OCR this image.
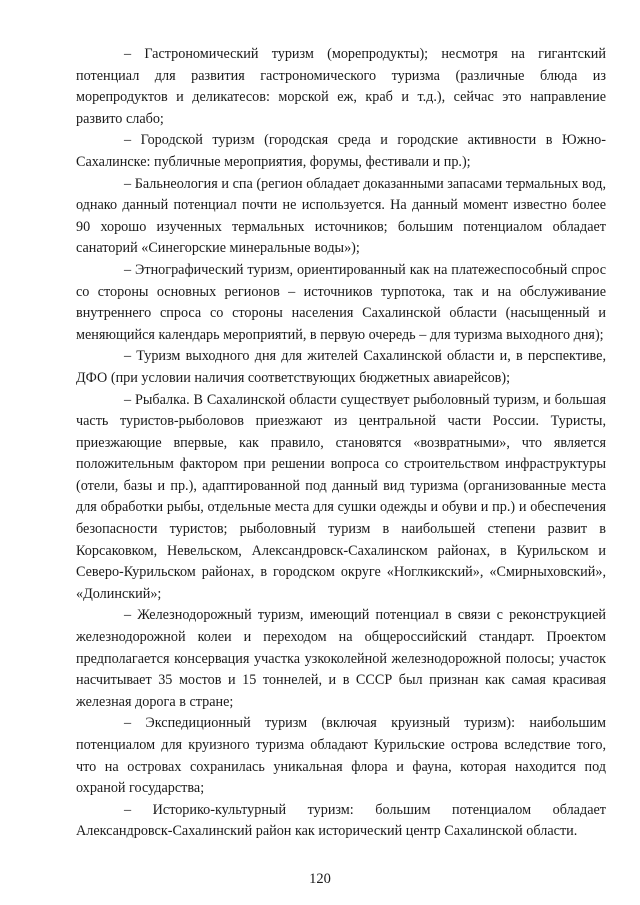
– Гастрономический туризм (морепродукты); несмотря на гигантский потенциал для развития гастрономического туризма (различные блюда из морепродуктов и деликатесов: морской еж, краб и т.д.), сейчас это направление развито слабо;

– Городской туризм (городская среда и городские активности в Южно-Сахалинске: публичные мероприятия, форумы, фестивали и пр.);

– Бальнеология и спа (регион обладает доказанными запасами термальных вод, однако данный потенциал почти не используется. На данный момент известно более 90 хорошо изученных термальных источников; большим потенциалом обладает санаторий «Синегорские минеральные воды»);

– Этнографический туризм, ориентированный как на платежеспособный спрос со стороны основных регионов – источников турпотока, так и на обслуживание внутреннего спроса со стороны населения Сахалинской области (насыщенный и меняющийся календарь мероприятий, в первую очередь – для туризма выходного дня);

– Туризм выходного дня для жителей Сахалинской области и, в перспективе, ДФО (при условии наличия соответствующих бюджетных авиарейсов);

– Рыбалка. В Сахалинской области существует рыболовный туризм, и большая часть туристов-рыболовов приезжают из центральной части России. Туристы, приезжающие впервые, как правило, становятся «возвратными», что является положительным фактором при решении вопроса со строительством инфраструктуры (отели, базы и пр.), адаптированной под данный вид туризма (организованные места для обработки рыбы, отдельные места для сушки одежды и обуви и пр.) и обеспечения безопасности туристов; рыболовный туризм в наибольшей степени развит в Корсаковком, Невельском, Александровск-Сахалинском районах, в Курильском и Северо-Курильском районах, в городском округе «Ноглкикский», «Смирныховский», «Долинский»;

– Железнодорожный туризм, имеющий потенциал в связи с реконструкцией железнодорожной колеи и переходом на общероссийский стандарт. Проектом предполагается консервация участка узкоколейной железнодорожной полосы; участок насчитывает 35 мостов и 15 тоннелей, и в СССР был признан как самая красивая железная дорога в стране;

– Экспедиционный туризм (включая круизный туризм): наибольшим потенциалом для круизного туризма обладают Курильские острова вследствие того, что на островах сохранилась уникальная флора и фауна, которая находится под охраной государства;

– Историко-культурный туризм: большим потенциалом обладает Александровск-Сахалинский район как исторический центр Сахалинской области.

120
